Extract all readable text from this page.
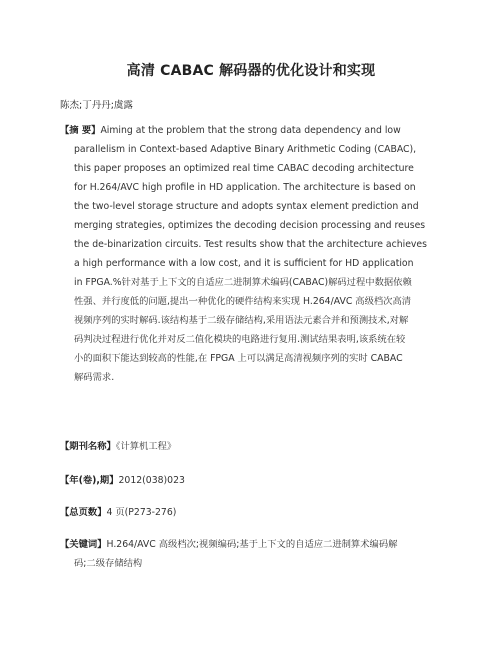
高清 CABAC 解码器的优化设计和实现
陈杰;丁丹丹;虞露
【摘 要】Aiming at the problem that the strong data dependency and low
parallelism in Context-based Adaptive Binary Arithmetic Coding (CABAC),
this paper proposes an optimized real time CABAC decoding architecture
for H.264/AVC high profile in HD application. The architecture is based on
the two-level storage structure and adopts syntax element prediction and
merging strategies, optimizes the decoding decision processing and reuses
the de-binarization circuits. Test results show that the architecture achieves
a high performance with a low cost, and it is sufficient for HD application
in FPGA.%针对基于上下文的自适应二进制算术编码(CABAC)解码过程中数据依赖
性强、并行度低的问题,提出一种优化的硬件结构来实现 H.264/AVC 高级档次高清
视频序列的实时解码.该结构基于二级存储结构,采用语法元素合并和预测技术,对解
码判决过程进行优化并对反二值化模块的电路进行复用.测试结果表明,该系统在较
小的面积下能达到较高的性能,在 FPGA 上可以满足高清视频序列的实时 CABAC
解码需求.
【期刊名称】《计算机工程》
【年(卷),期】2012(038)023
【总页数】4 页(P273-276)
【关键词】H.264/AVC 高级档次;视频编码;基于上下文的自适应二进制算术编码解
码;二级存储结构
